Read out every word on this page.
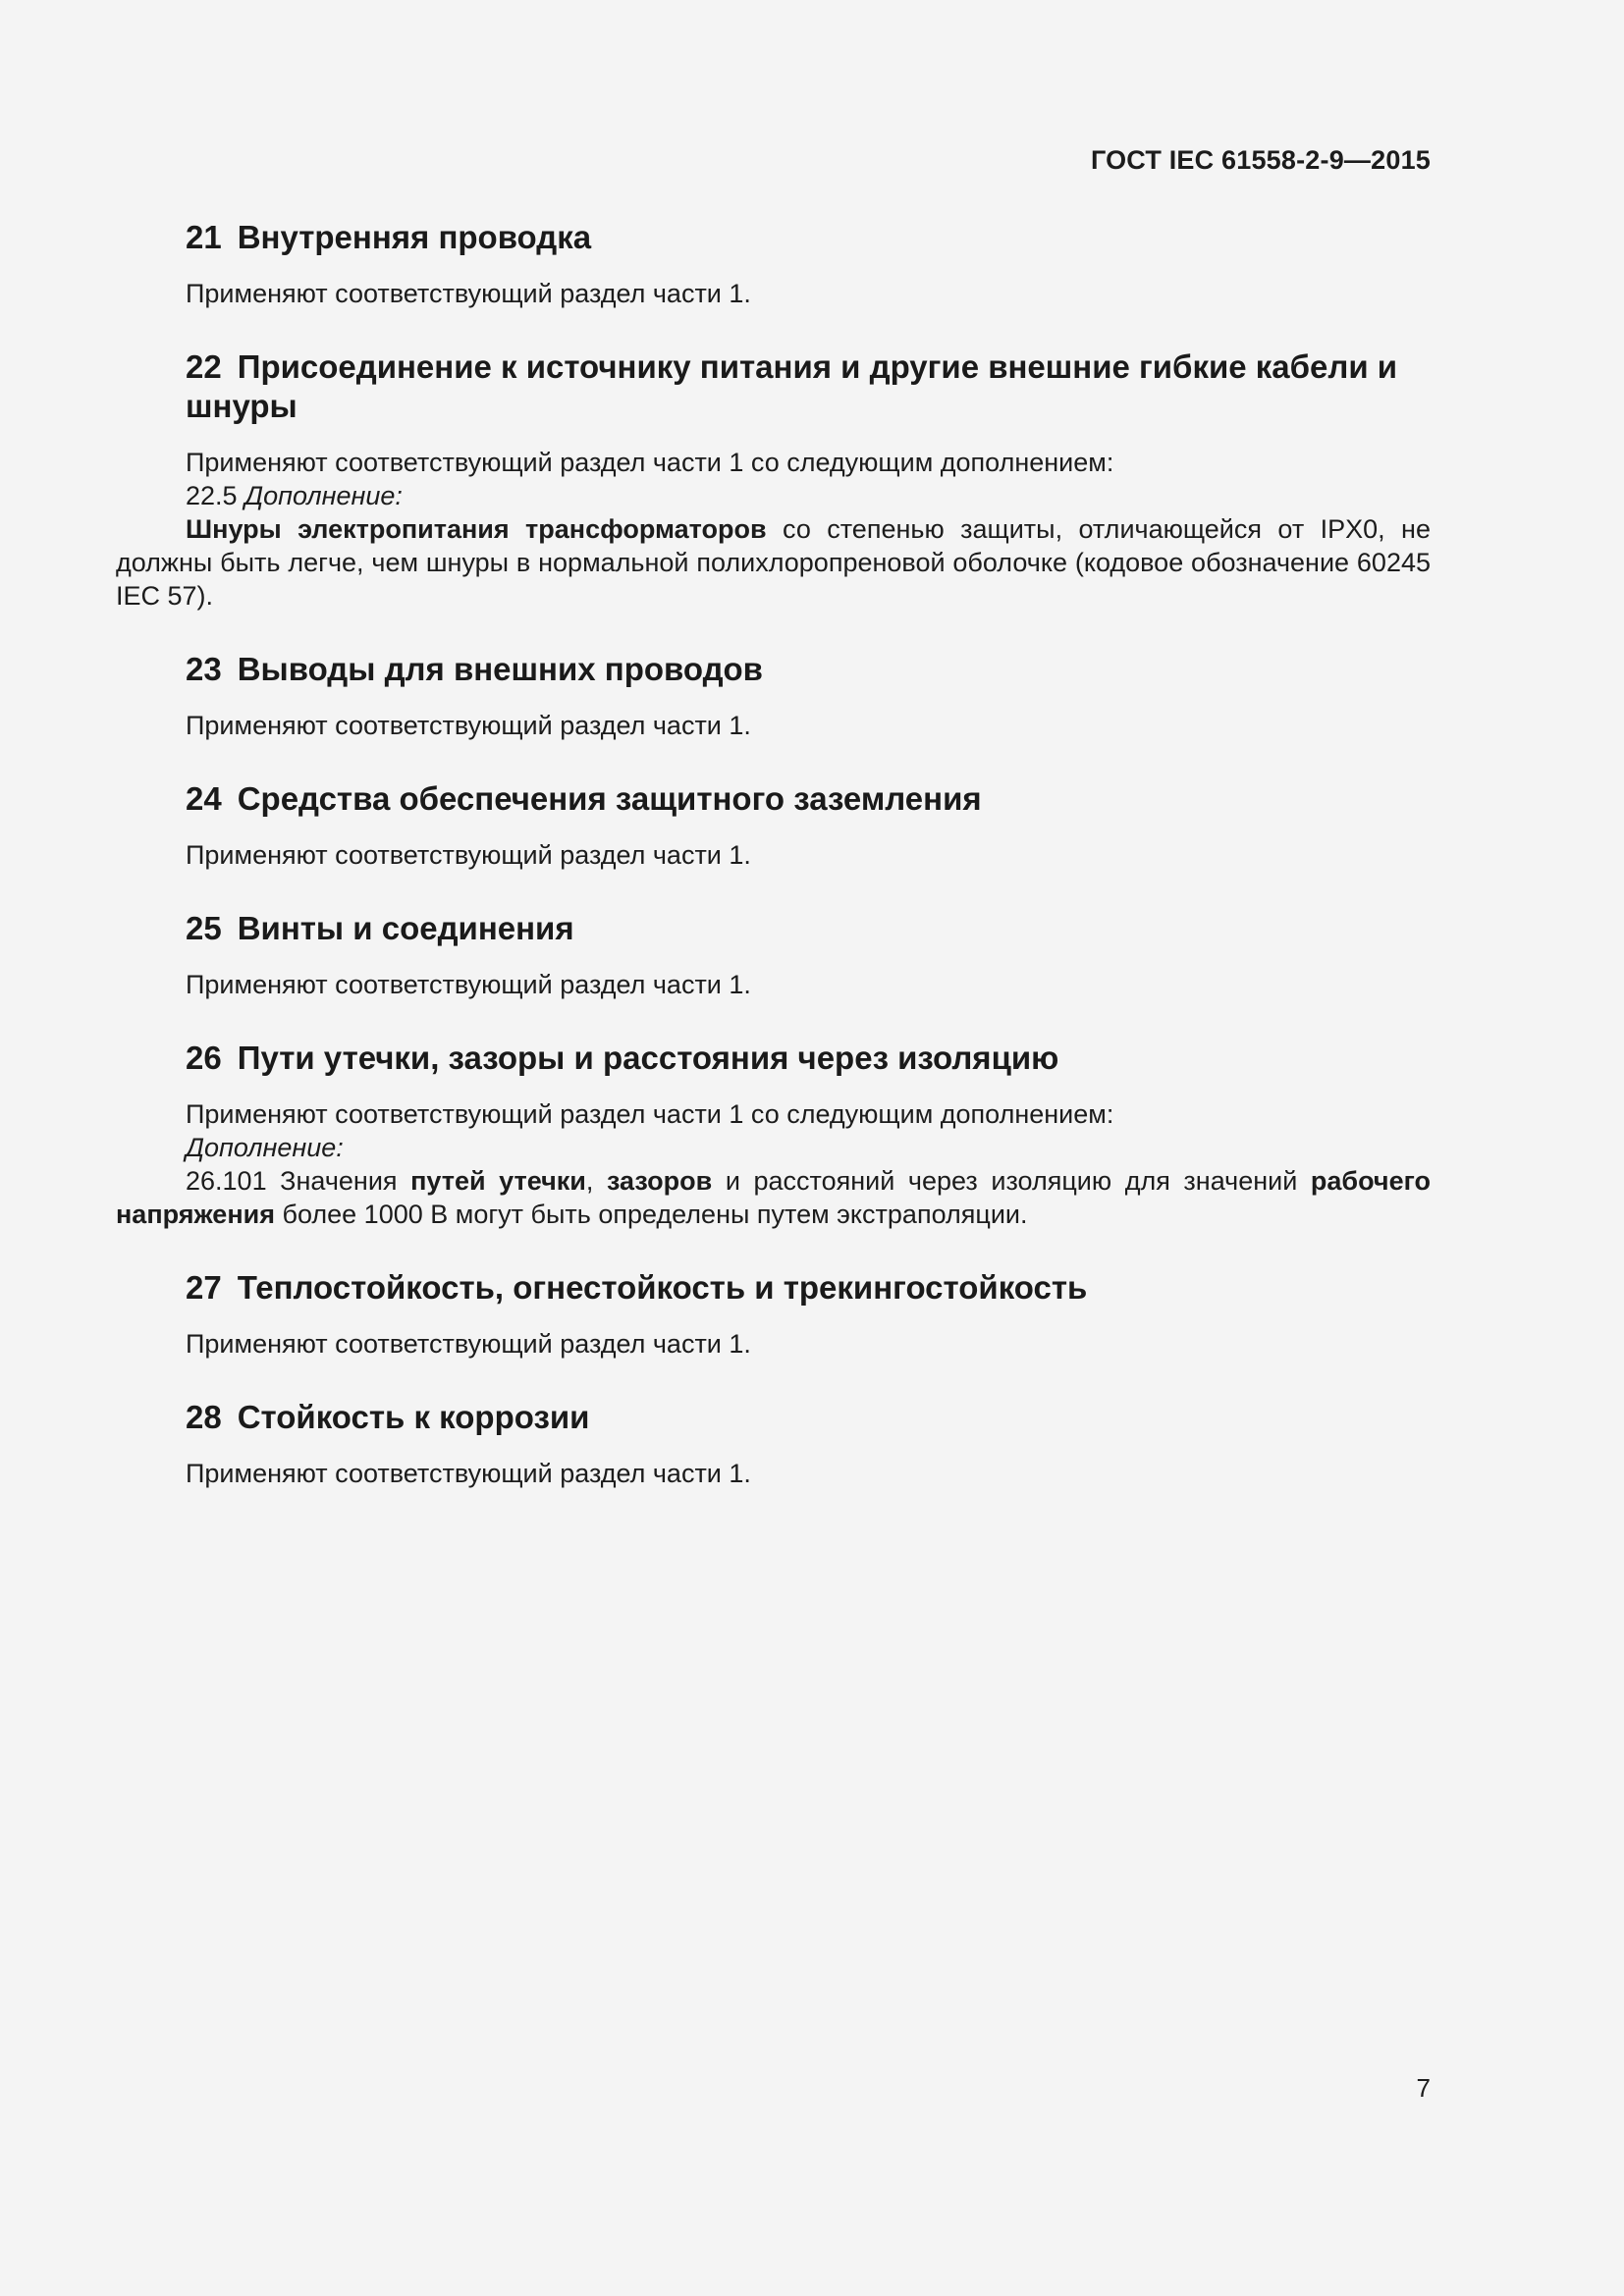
ГОСТ IEC 61558-2-9—2015
21 Внутренняя проводка

Применяют соответствующий раздел части 1.

22 Присоединение к источнику питания и другие внешние гибкие кабели и
шнуры

Применяют соответствующий раздел части 1 со следующим дополнением:

22.5 Дополнение:

Шнуры электропитания трансформаторов со степенью защиты, отличающейся от IPX0, не должны быть легче, чем шнуры в нормальной полихлоропреновой оболочке (кодовое обозначение 60245 IEC 57).

23 Выводы для внешних проводов

Применяют соответствующий раздел части 1.

24 Средства обеспечения защитного заземления

Применяют соответствующий раздел части 1.

25 Винты и соединения

Применяют соответствующий раздел части 1.

26 Пути утечки, зазоры и расстояния через изоляцию

Применяют соответствующий раздел части 1 со следующим дополнением:

Дополнение:

26.101 Значения путей утечки, зазоров и расстояний через изоляцию для значений рабочего напряжения более 1000 В могут быть определены путем экстраполяции.

27 Теплостойкость, огнестойкость и трекингостойкость

Применяют соответствующий раздел части 1.

28 Стойкость к коррозии

Применяют соответствующий раздел части 1.

7
